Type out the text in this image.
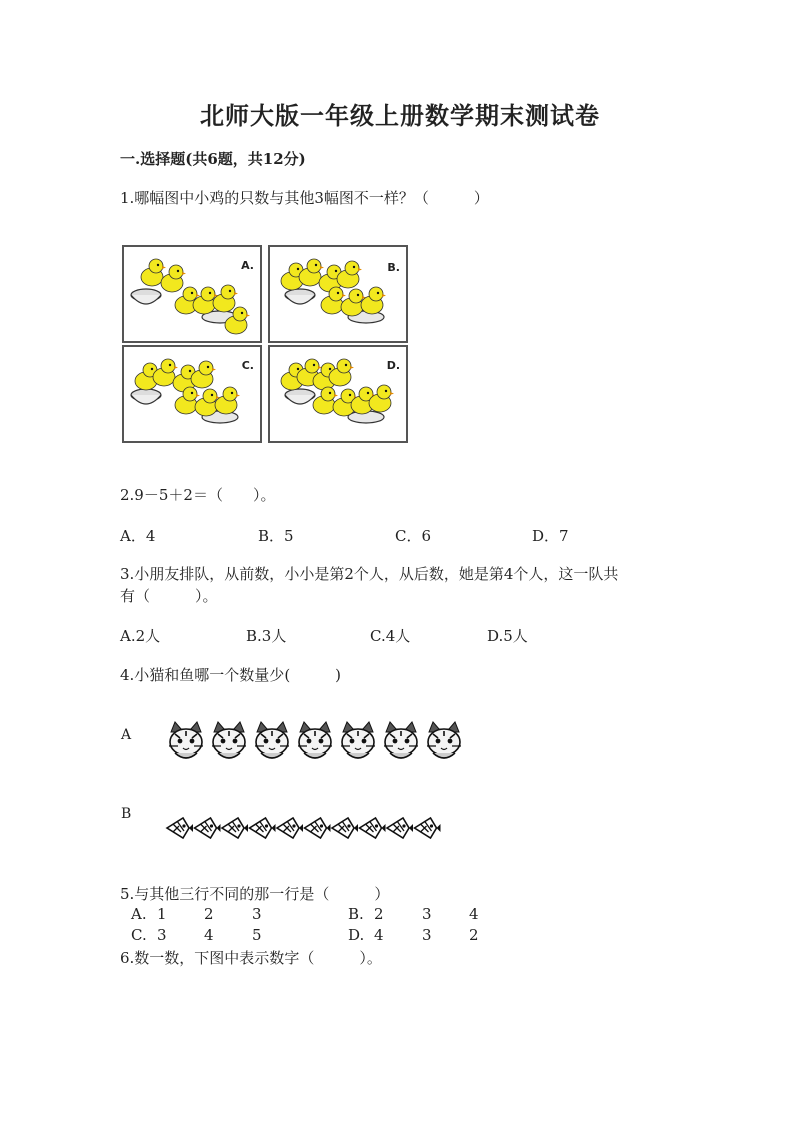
北师大版一年级上册数学期末测试卷
一.选择题(共6题，共12分)
1.哪幅图中小鸡的只数与其他3幅图不一样？（　　　）
A.	B.
C.	D.
2.9－5＋2＝（　　）。
A．4	B．5	C．6	D．7
3.小朋友排队，从前数，小小是第2个人，从后数，她是第4个人，这一队共
有（　　　）。
A.2人	B.3人	C.4人	D.5人
4.小猫和鱼哪一个数量少(　　　)
A
B
5.与其他三行不同的那一行是（　　　）
A. 1 2	3	B. 2	3 4
C. 3 4	5	D. 4	3 2
6.数一数，下图中表示数字（　　　）。
